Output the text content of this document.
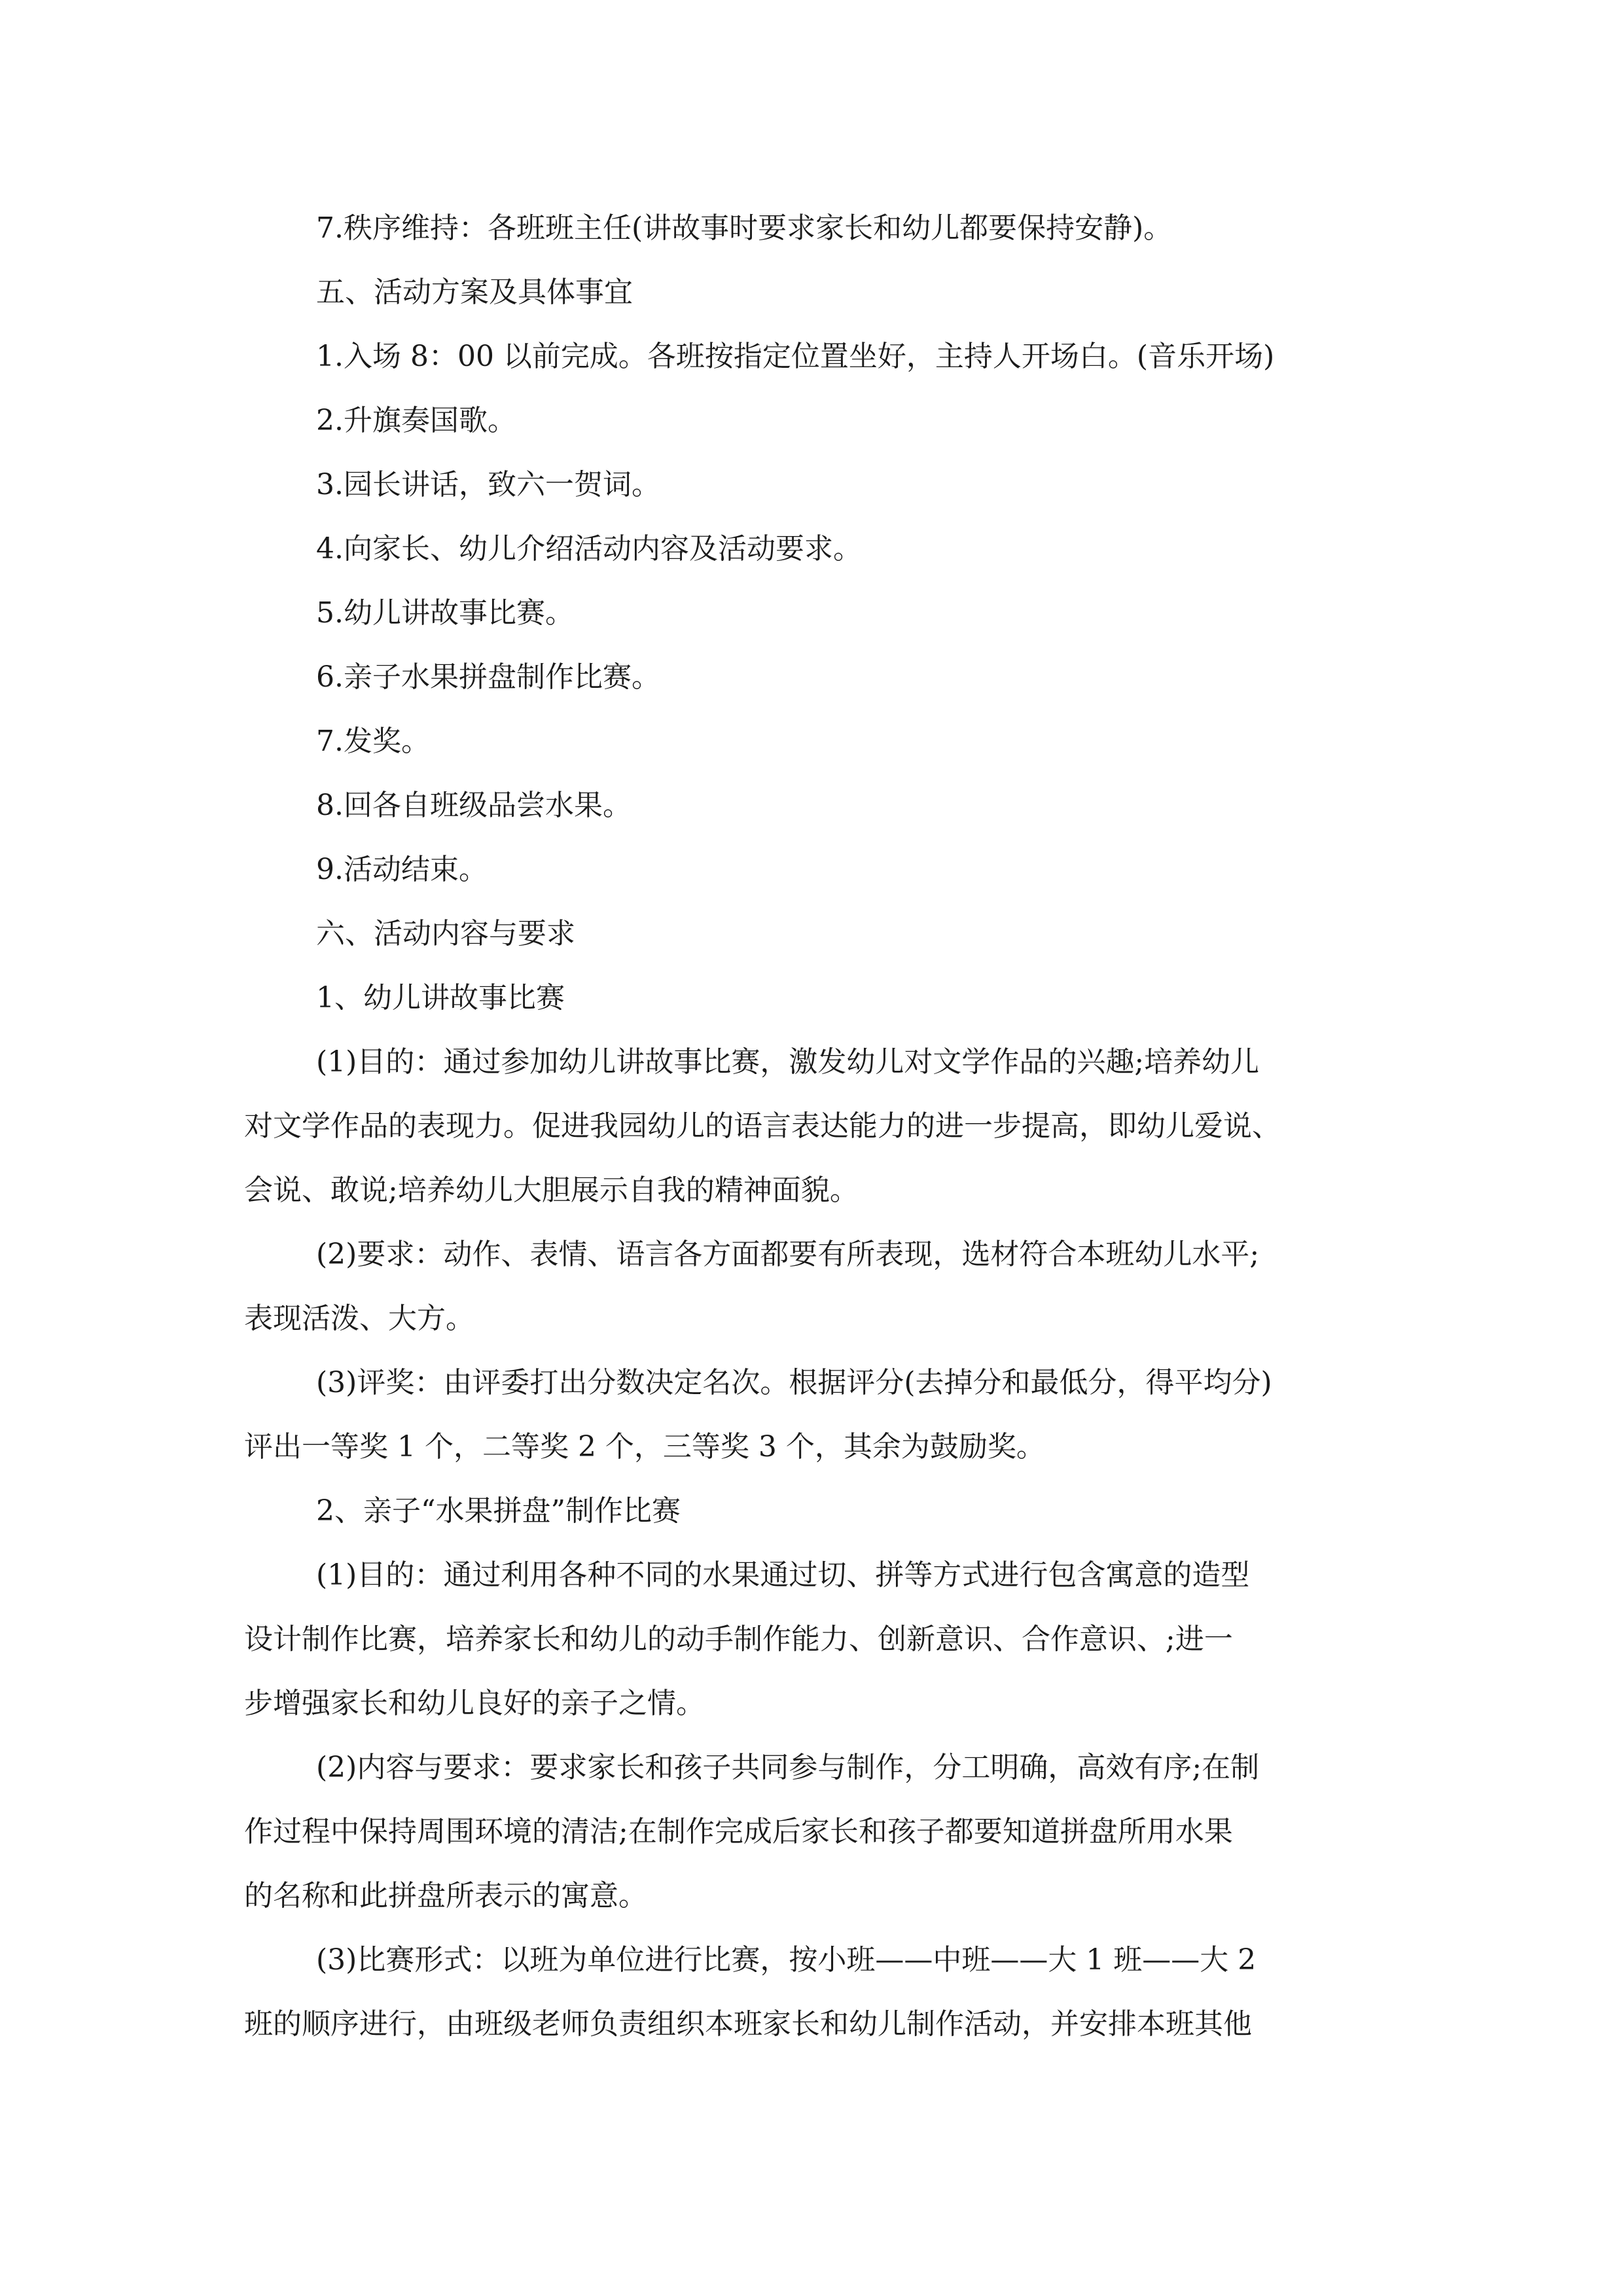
7.秩序维持：各班班主任(讲故事时要求家长和幼儿都要保持安静)。

五、活动方案及具体事宜

1.入场 8：00 以前完成。各班按指定位置坐好，主持人开场白。(音乐开场)

2.升旗奏国歌。

3.园长讲话，致六一贺词。

4.向家长、幼儿介绍活动内容及活动要求。

5.幼儿讲故事比赛。

6.亲子水果拼盘制作比赛。

7.发奖。

8.回各自班级品尝水果。

9.活动结束。

六、活动内容与要求

1、幼儿讲故事比赛

(1)目的：通过参加幼儿讲故事比赛，激发幼儿对文学作品的兴趣;培养幼儿
对文学作品的表现力。促进我园幼儿的语言表达能力的进一步提高，即幼儿爱说、
会说、敢说;培养幼儿大胆展示自我的精神面貌。
(2)要求：动作、表情、语言各方面都要有所表现，选材符合本班幼儿水平;
表现活泼、大方。
(3)评奖：由评委打出分数决定名次。根据评分(去掉分和最低分，得平均分)
评出一等奖 1 个，二等奖 2 个，三等奖 3 个，其余为鼓励奖。

2、亲子“水果拼盘”制作比赛

(1)目的：通过利用各种不同的水果通过切、拼等方式进行包含寓意的造型
设计制作比赛，培养家长和幼儿的动手制作能力、创新意识、合作意识、;进一
步增强家长和幼儿良好的亲子之情。
(2)内容与要求：要求家长和孩子共同参与制作，分工明确，高效有序;在制
作过程中保持周围环境的清洁;在制作完成后家长和孩子都要知道拼盘所用水果
的名称和此拼盘所表示的寓意。
(3)比赛形式：以班为单位进行比赛，按小班——中班——大 1 班——大 2
班的顺序进行，由班级老师负责组织本班家长和幼儿制作活动，并安排本班其他
